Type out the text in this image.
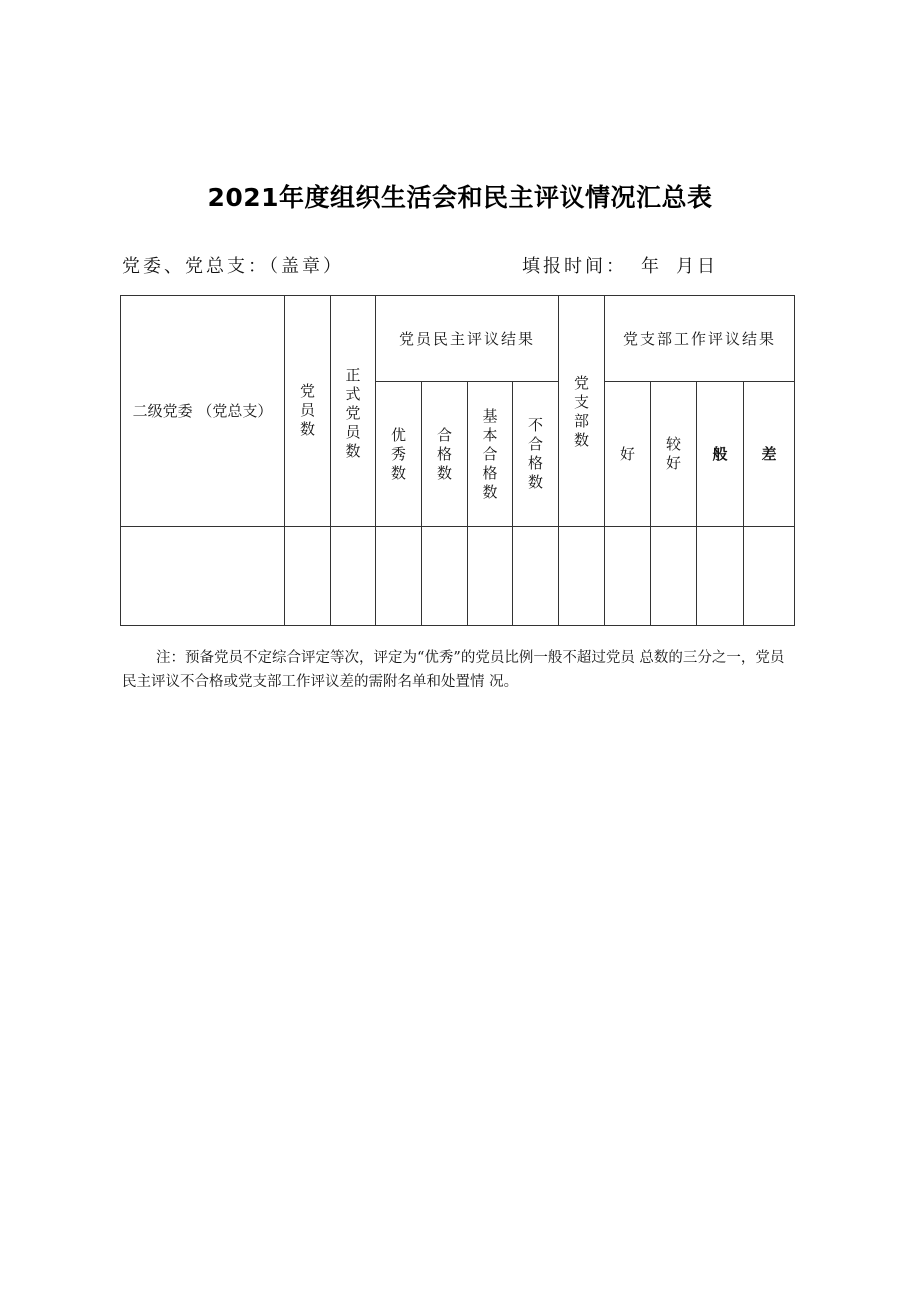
2021年度组织生活会和民主评议情况汇总表
党委、党总支：（盖章）	填报时间： 年 月日
二级党委 （党总支）	党员数	正式党员数	党员民主评议结果				党支部数	党支部工作评议结果			
			优秀数	合格数	基本合格数	不合格数		好	较好	般	差

注：预备党员不定综合评定等次，评定为“优秀”的党员比例一般不超过党员 总数的三分之一，党员民主评议不合格或党支部工作评议差的需附名单和处置情 况。
